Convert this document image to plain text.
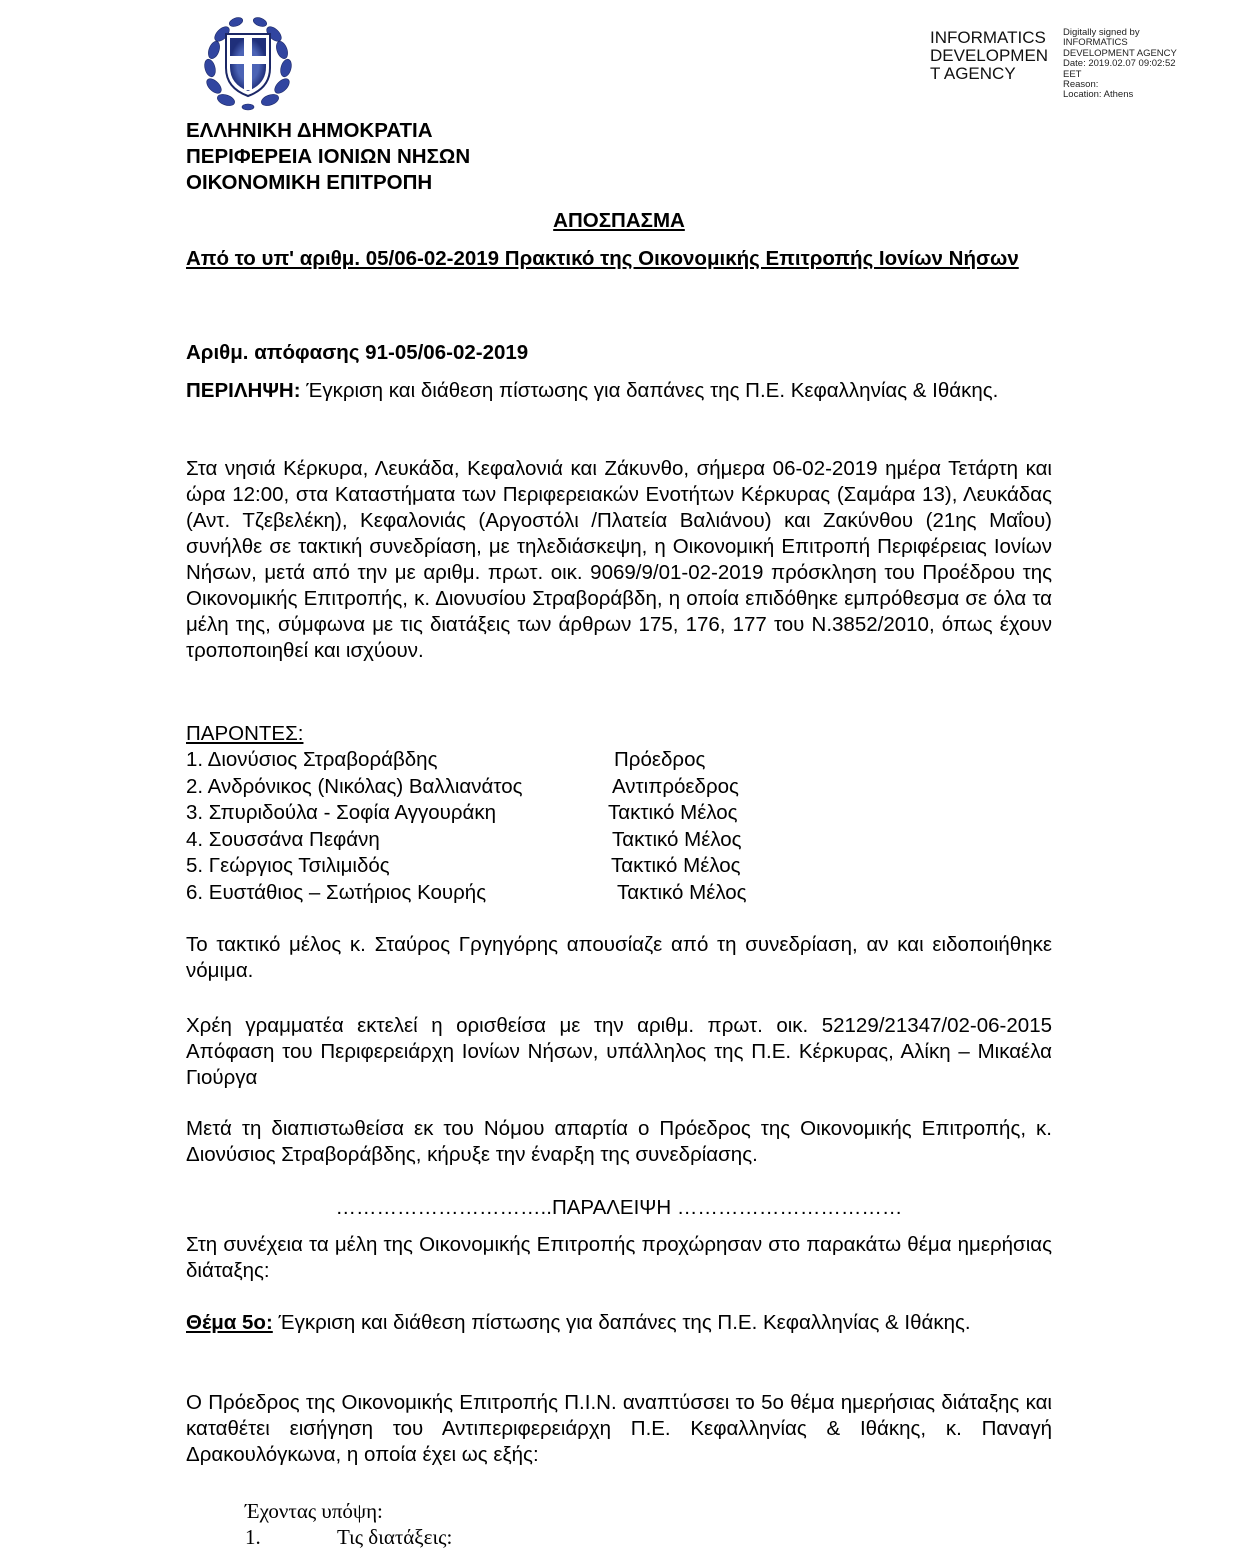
INFORMATICS
DEVELOPMEN
T AGENCY
Digitally signed by
INFORMATICS
DEVELOPMENT AGENCY
Date: 2019.02.07 09:02:52
EET
Reason:
Location: Athens
ΕΛΛΗΝΙΚΗ ΔΗΜΟΚΡΑΤΙΑ
ΠΕΡΙΦΕΡΕΙΑ ΙΟΝΙΩΝ ΝΗΣΩΝ
ΟΙΚΟΝΟΜΙΚΗ ΕΠΙΤΡΟΠΗ
ΑΠΟΣΠΑΣΜΑ
Από το υπ' αριθμ. 05/06-02-2019 Πρακτικό της Οικονομικής Επιτροπής Ιονίων Νήσων
Αριθμ. απόφασης 91-05/06-02-2019
ΠΕΡΙΛΗΨΗ: Έγκριση και διάθεση πίστωσης για δαπάνες της Π.Ε. Κεφαλληνίας & Ιθάκης.
Στα νησιά Κέρκυρα, Λευκάδα, Κεφαλονιά και Ζάκυνθο, σήμερα 06-02-2019 ημέρα Τετάρτη και ώρα 12:00, στα Καταστήματα των Περιφερειακών Ενοτήτων Κέρκυρας (Σαμάρα 13), Λευκάδας (Αντ. Τζεβελέκη), Κεφαλονιάς (Αργοστόλι /Πλατεία Βαλιάνου) και Ζακύνθου (21ης Μαΐου) συνήλθε σε τακτική συνεδρίαση, με τηλεδιάσκεψη, η Οικονομική Επιτροπή Περιφέρειας Ιονίων Νήσων, μετά από την με αριθμ. πρωτ. οικ. 9069/9/01-02-2019 πρόσκληση του Προέδρου της Οικονομικής Επιτροπής, κ. Διονυσίου Στραβοράβδη, η οποία επιδόθηκε εμπρόθεσμα σε όλα τα μέλη της, σύμφωνα με τις διατάξεις των άρθρων 175, 176, 177 του Ν.3852/2010, όπως έχουν τροποποιηθεί και ισχύουν.
ΠΑΡΟΝΤΕΣ:
1. Διονύσιος Στραβοράβδης	Πρόεδρος
2. Ανδρόνικος (Νικόλας) Βαλλιανάτος	Αντιπρόεδρος
3. Σπυριδούλα - Σοφία Αγγουράκη	Τακτικό Μέλος
4. Σουσσάνα Πεφάνη	Τακτικό Μέλος
5. Γεώργιος Τσιλιμιδός	Τακτικό Μέλος
6. Ευστάθιος – Σωτήριος Κουρής	Τακτικό Μέλος
Το τακτικό μέλος κ. Σταύρος Γργηγόρης απουσίαζε από τη συνεδρίαση, αν και ειδοποιήθηκε νόμιμα.
Χρέη γραμματέα εκτελεί η ορισθείσα με την αριθμ. πρωτ. οικ. 52129/21347/02-06-2015 Απόφαση του Περιφερειάρχη Ιονίων Νήσων, υπάλληλος της Π.Ε. Κέρκυρας, Αλίκη – Μικαέλα Γιούργα
Μετά τη διαπιστωθείσα εκ του Νόμου απαρτία ο Πρόεδρος της Οικονομικής Επιτροπής, κ. Διονύσιος Στραβοράβδης, κήρυξε την έναρξη της συνεδρίασης.
…………………………..ΠΑΡΑΛΕΙΨΗ ……………………………
Στη συνέχεια τα μέλη της Οικονομικής Επιτροπής προχώρησαν στο παρακάτω θέμα ημερήσιας διάταξης:
Θέμα 5ο: Έγκριση και διάθεση πίστωσης για δαπάνες της Π.Ε. Κεφαλληνίας & Ιθάκης.
Ο Πρόεδρος της Οικονομικής Επιτροπής Π.Ι.Ν. αναπτύσσει το 5ο θέμα ημερήσιας διάταξης και καταθέτει εισήγηση του Αντιπεριφερειάρχη Π.Ε. Κεφαλληνίας & Ιθάκης, κ. Παναγή Δρακουλόγκωνα, η οποία έχει ως εξής:
Έχοντας υπόψη:
1.	Τις διατάξεις:
